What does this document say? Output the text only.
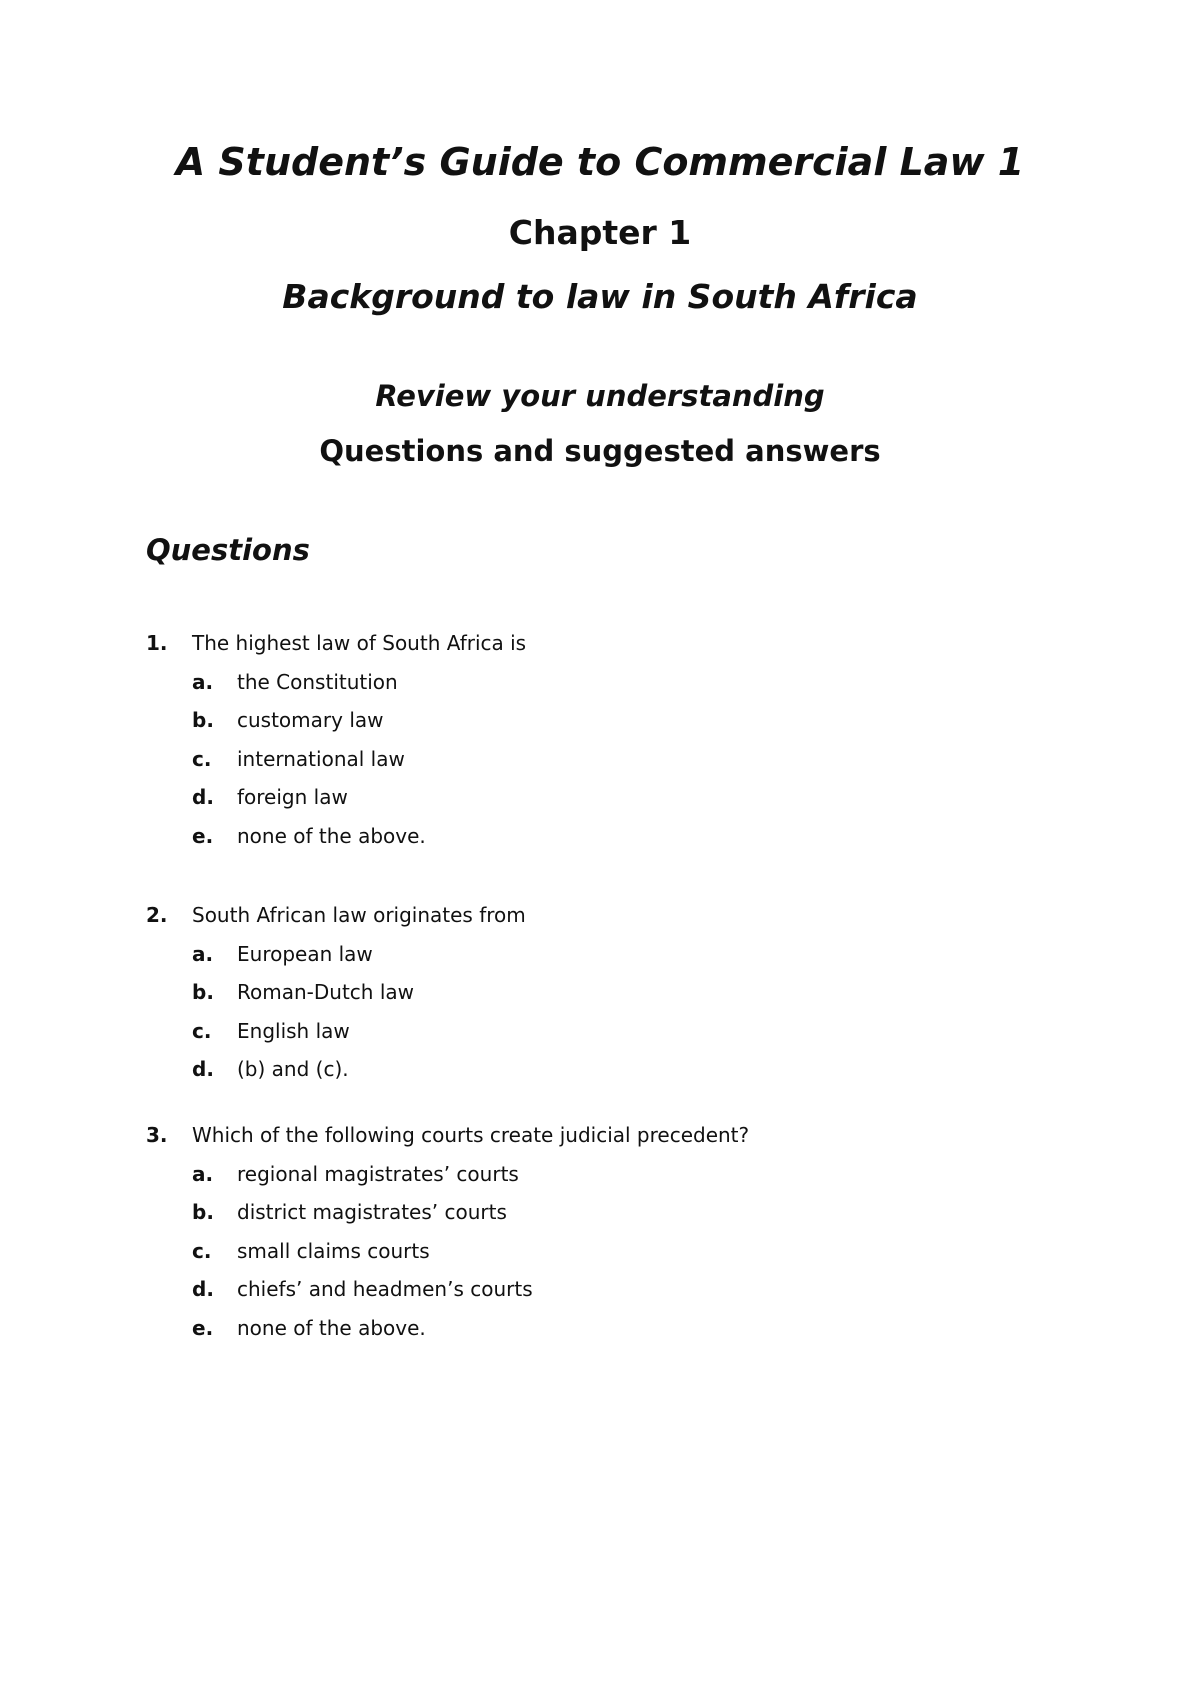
A Student’s Guide to Commercial Law 1
Chapter 1
Background to law in South Africa
Review your understanding
Questions and suggested answers
Questions
1. The highest law of South Africa is
a. the Constitution
b. customary law
c. international law
d. foreign law
e. none of the above.
2. South African law originates from
a. European law
b. Roman-Dutch law
c. English law
d. (b) and (c).
3. Which of the following courts create judicial precedent?
a. regional magistrates’ courts
b. district magistrates’ courts
c. small claims courts
d. chiefs’ and headmen’s courts
e. none of the above.
